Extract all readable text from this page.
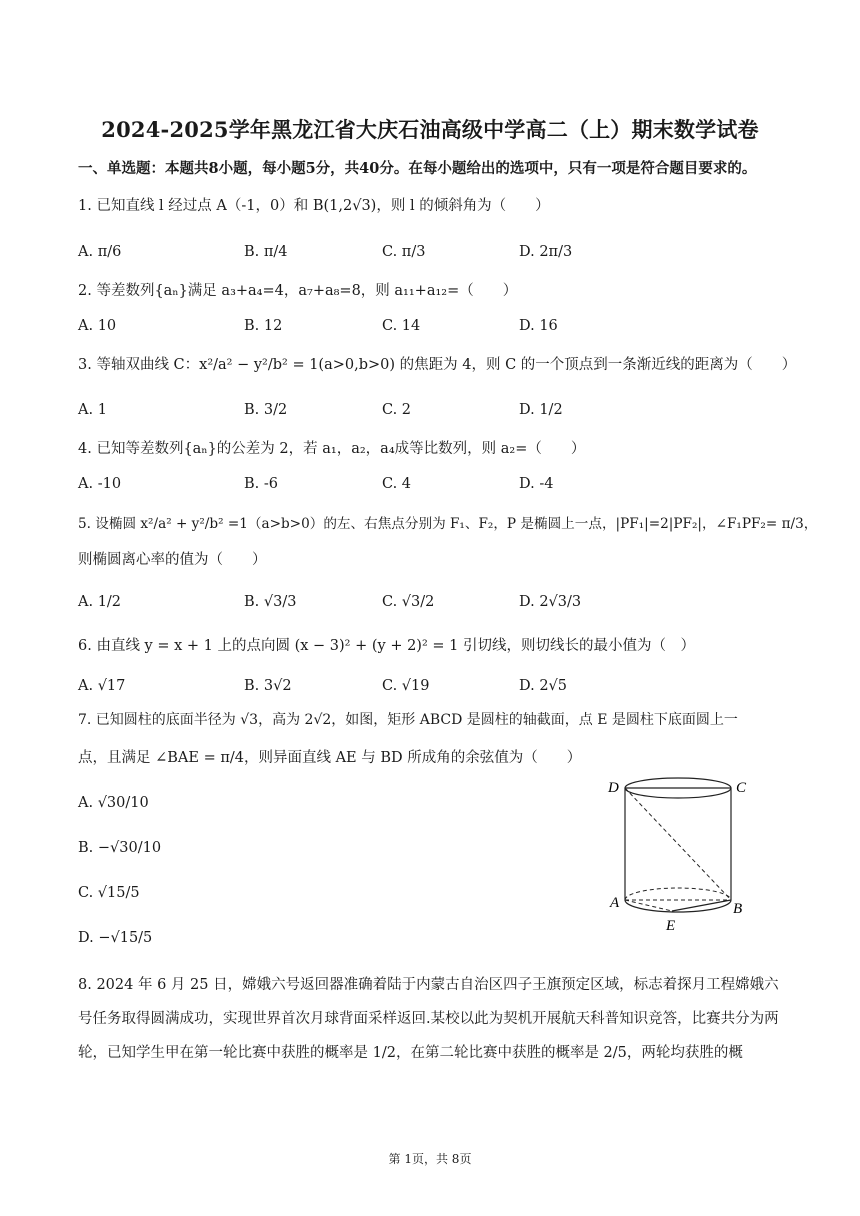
2024-2025学年黑龙江省大庆石油高级中学高二（上）期末数学试卷
一、单选题：本题共8小题，每小题5分，共40分。在每小题给出的选项中，只有一项是符合题目要求的。
1. 已知直线 l 经过点 A（-1，0）和 B(1,2√3)，则 l 的倾斜角为（　　）
A. π/6	B. π/4	C. π/3	D. 2π/3
2. 等差数列{aₙ}满足 a₃+a₄=4，a₇+a₈=8，则 a₁₁+a₁₂=（　　）
A. 10	B. 12	C. 14	D. 16
3. 等轴双曲线 C：x²/a² − y²/b² = 1(a>0,b>0) 的焦距为 4，则 C 的一个顶点到一条渐近线的距离为（　　）
A. 1	B. 3/2	C. 2	D. 1/2
4. 已知等差数列{aₙ}的公差为 2，若 a₁，a₂，a₄成等比数列，则 a₂=（　　）
A. -10	B. -6	C. 4	D. -4
5. 设椭圆 x²/a² + y²/b² =1（a>b>0）的左、右焦点分别为 F₁、F₂，P 是椭圆上一点，|PF₁|=2|PF₂|，∠F₁PF₂= π/3，
则椭圆离心率的值为（　　）
A. 1/2	B. √3/3	C. √3/2	D. 2√3/3
6. 由直线 y = x + 1 上的点向圆 (x − 3)² + (y + 2)² = 1 引切线，则切线长的最小值为（　）
A. √17	B. 3√2	C. √19	D. 2√5
7. 已知圆柱的底面半径为 √3，高为 2√2，如图，矩形 ABCD 是圆柱的轴截面，点 E 是圆柱下底面圆上一
点，且满足 ∠BAE = π/4，则异面直线 AE 与 BD 所成角的余弦值为（　　）
A. √30/10
B. −√30/10
C. √15/5
D. −√15/5
D	C
A	B
E
8. 2024 年 6 月 25 日，嫦娥六号返回器准确着陆于内蒙古自治区四子王旗预定区域，标志着探月工程嫦娥六号任务取得圆满成功，实现世界首次月球背面采样返回.某校以此为契机开展航天科普知识竞答，比赛共分为两轮，已知学生甲在第一轮比赛中获胜的概率是 1/2，在第二轮比赛中获胜的概率是 2/5，两轮均获胜的概
第 1页，共 8页
